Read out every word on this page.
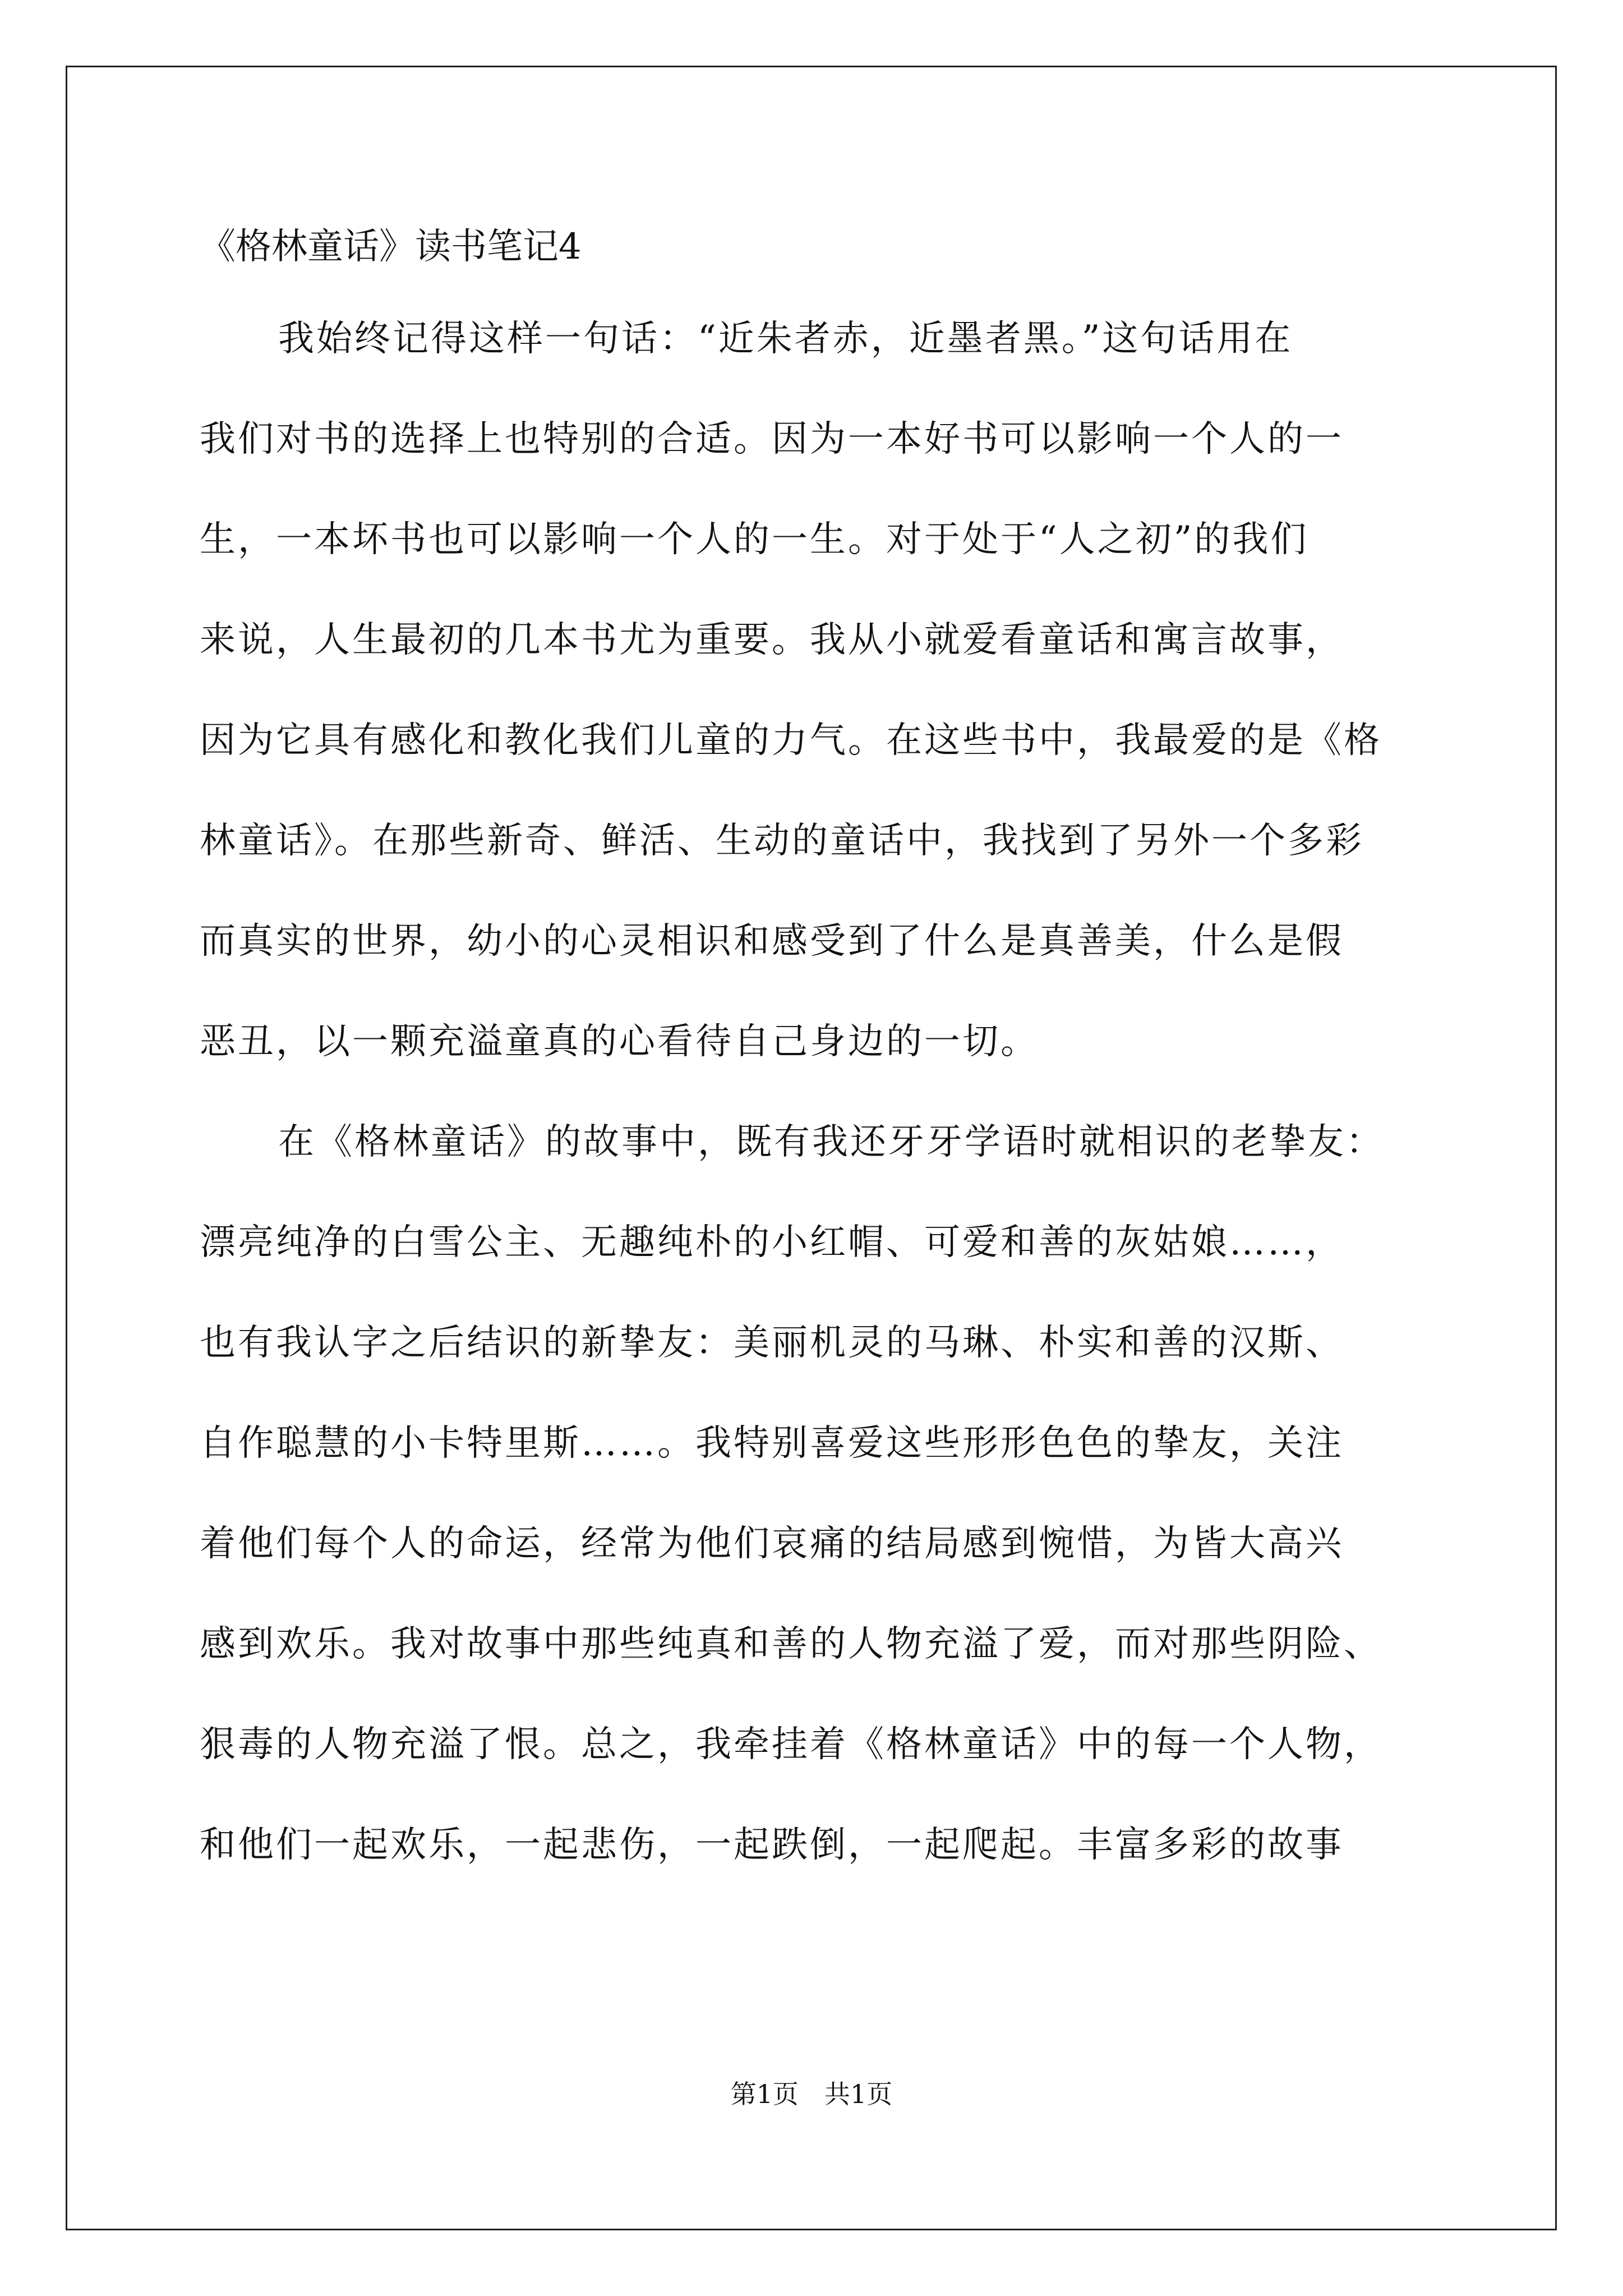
《格林童话》读书笔记4

我始终记得这样一句话：“近朱者赤，近墨者黑。”这句话用在

我们对书的选择上也特别的合适。因为一本好书可以影响一个人的一

生，一本坏书也可以影响一个人的一生。对于处于“人之初”的我们

来说，人生最初的几本书尤为重要。我从小就爱看童话和寓言故事，

因为它具有感化和教化我们儿童的力气。在这些书中，我最爱的是《格

林童话》。在那些新奇、鲜活、生动的童话中，我找到了另外一个多彩

而真实的世界，幼小的心灵相识和感受到了什么是真善美，什么是假

恶丑，以一颗充溢童真的心看待自己身边的一切。

在《格林童话》的故事中，既有我还牙牙学语时就相识的老挚友：

漂亮纯净的白雪公主、无趣纯朴的小红帽、可爱和善的灰姑娘……，

也有我认字之后结识的新挚友：美丽机灵的马琳、朴实和善的汉斯、

自作聪慧的小卡特里斯……。我特别喜爱这些形形色色的挚友，关注

着他们每个人的命运，经常为他们哀痛的结局感到惋惜，为皆大高兴

感到欢乐。我对故事中那些纯真和善的人物充溢了爱，而对那些阴险、

狠毒的人物充溢了恨。总之，我牵挂着《格林童话》中的每一个人物，

和他们一起欢乐，一起悲伤，一起跌倒，一起爬起。丰富多彩的故事

第1页　共1页
